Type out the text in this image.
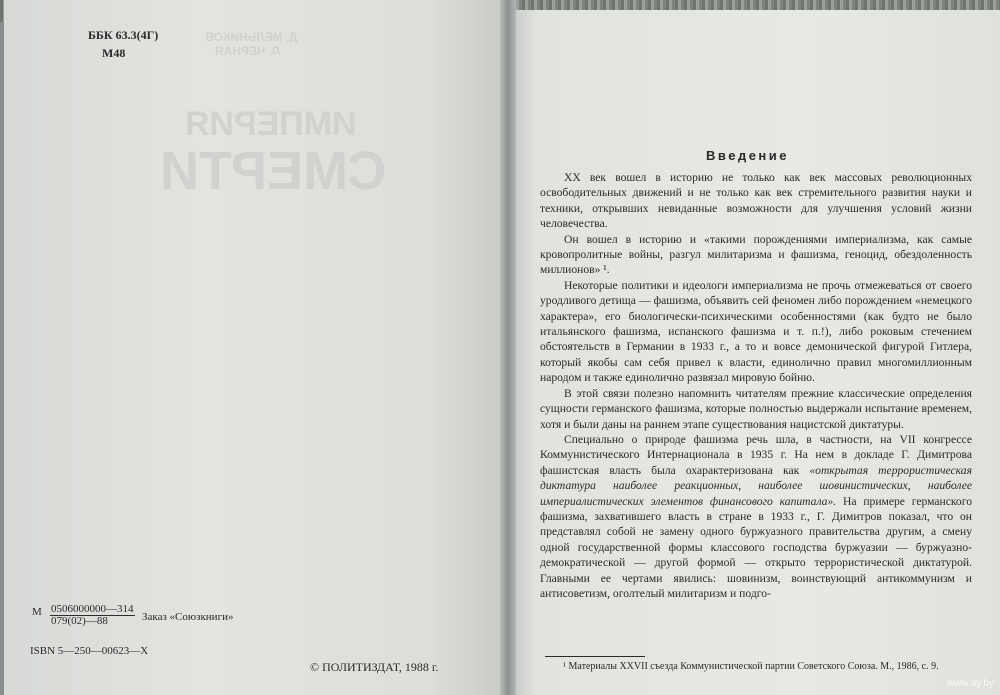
ББК 63.3(4Г)
М48
Д. МЕЛЬНИКОВ
Л. ЧЕРНАЯ
ИМПЕРИЯ
СМЕРТИ
М $\frac{0506000000—314}{079(02)—88}$ Заказ «Союзкниги»
ISBN 5—250—00623—Х
© ПОЛИТИЗДАТ, 1988 г.
Введение

XX век вошел в историю не только как век массовых революционных освободительных движений и не только как век стремительного развития науки и техники, открывших невиданные возможности для улучшения условий жизни человечества.

Он вошел в историю и «такими порождениями империализма, как самые кровопролитные войны, разгул милитаризма и фашизма, геноцид, обездоленность миллионов» ¹.

Некоторые политики и идеологи империализма не прочь отмежеваться от своего уродливого детища — фашизма, объявить сей феномен либо порождением «немецкого характера», его биологически-психическими особенностями (как будто не было итальянского фашизма, испанского фашизма и т. п.!), либо роковым стечением обстоятельств в Германии в 1933 г., а то и вовсе демонической фигурой Гитлера, который якобы сам себя привел к власти, единолично правил многомиллионным народом и также единолично развязал мировую бойню.

В этой связи полезно напомнить читателям прежние классические определения сущности германского фашизма, которые полностью выдержали испытание временем, хотя и были даны на раннем этапе существования нацистской диктатуры.

Специально о природе фашизма речь шла, в частности, на VII конгрессе Коммунистического Интернационала в 1935 г. На нем в докладе Г. Димитрова фашистская власть была охарактеризована как «открытая террористическая диктатура наиболее реакционных, наиболее шовинистических, наиболее империалистических элементов финансового капитала». На примере германского фашизма, захватившего власть в стране в 1933 г., Г. Димитров показал, что он представлял собой не замену одного буржуазного правительства другим, а смену одной государственной формы классового господства буржуазии — буржуазно-демократической — другой формой — открыто террористической диктатурой. Главными ее чертами явились: шовинизм, воинствующий антикоммунизм и антисоветизм, оголтелый милитаризм и подго-

¹ Материалы XXVII съезда Коммунистической партии Советского Союза. М., 1986, с. 9.

www.ay.by
